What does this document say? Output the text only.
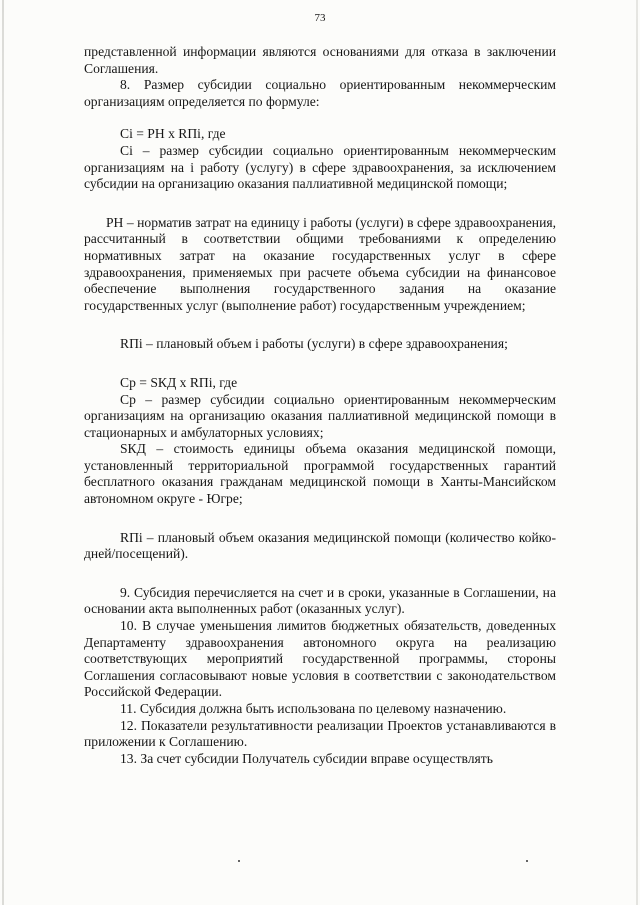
73

представленной информации являются основаниями для отказа в заключении Соглашения.

8. Размер субсидии социально ориентированным некоммерческим организациям определяется по формуле:

Ci = PH x RПi, где

Ci – размер субсидии социально ориентированным некоммерческим организациям на i работу (услугу) в сфере здравоохранения, за исключением субсидии на организацию оказания паллиативной медицинской помощи;

PH – норматив затрат на единицу i работы (услуги) в сфере здравоохранения, рассчитанный в соответствии общими требованиями к определению нормативных затрат на оказание государственных услуг в сфере здравоохранения, применяемых при расчете объема субсидии на финансовое обеспечение выполнения государственного задания на оказание государственных услуг (выполнение работ) государственным учреждением;

RПi – плановый объем i работы (услуги) в сфере здравоохранения;

Cp = SКД x RПi, где

Cp – размер субсидии социально ориентированным некоммерческим организациям на организацию оказания паллиативной медицинской помощи в стационарных и амбулаторных условиях;

SКД – стоимость единицы объема оказания медицинской помощи, установленный территориальной программой государственных гарантий бесплатного оказания гражданам медицинской помощи в Ханты-Мансийском автономном округе - Югре;

RПi – плановый объем оказания медицинской помощи (количество койко-дней/посещений).

9. Субсидия перечисляется на счет и в сроки, указанные в Соглашении, на основании акта выполненных работ (оказанных услуг).

10. В случае уменьшения лимитов бюджетных обязательств, доведенных Департаменту здравоохранения автономного округа на реализацию соответствующих мероприятий государственной программы, стороны Соглашения согласовывают новые условия в соответствии с законодательством Российской Федерации.

11. Субсидия должна быть использована по целевому назначению.

12. Показатели результативности реализации Проектов устанавливаются в приложении к Соглашению.

13. За счет субсидии Получатель субсидии вправе осуществлять
